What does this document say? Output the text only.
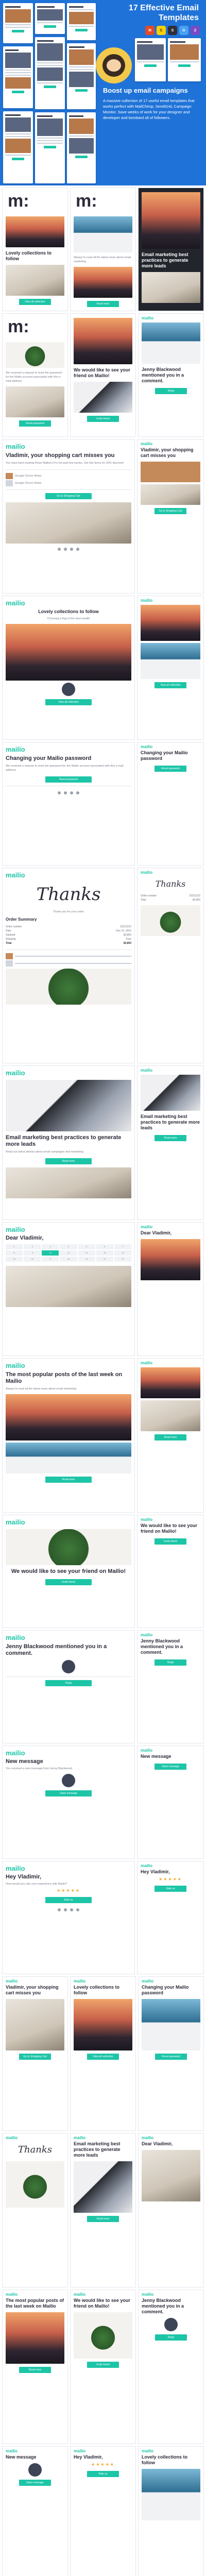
17 Effective Email Templates
M	C	S	G	Z
Boost up email campaigns

A massive collection of 17 useful email templates that works perfect with MailChimp, SendGrid, Campaign Monitor. Save weeks of work for your designer and developer and bombard all of followers.

m:
Lovely collections to follow
View all collection
m:
Always to read all the latest news about email marketing
Read more
Email marketing best practices to generate more leads
m:
We received a request to reset the password for the Mailio account associated with this e-mail address.
Reset password
We would like to see your friend on Mailio!
Invite friend
mailio
Jenny Blackwood mentioned you in a comment.
Reply
mailio
Vladimir, your shopping cart misses you
You have been looking these Walkers Pro for past few weeks. Get this items for 20% discount!
Google Chrom Notes
Google Chrom Notes
Go to Shopping Cart
mailio
Vladimir, your shopping cart misses you
Go to Shopping Cart
mailio
Lovely collections to follow
Choosing a flag of the best wealth
View all collection
mailio
View all collection
mailio
Changing your Mailio password
We received a request to reset the password for the Mailio account associated with this e-mail address.
Reset password
mailio
Changing your Mailio password
Reset password
mailio
Thanks
Thank you for your order
Order Summary
Order number	22211222
Date	Dec 22, 2016
Subtotal	$3,800
Shipping	Free
Total	$3,800
mailio
Thanks
Order number	22211222
Total	$3,800
mailio
Email marketing best practices to generate more leads
Read our latest articles about email campaigns and marketing.
Read more
mailio
Email marketing best practices to generate more leads
Read more
mailio
Dear Vladimir,
1	2	3	4	5	6	7
8	9	10	11	12	13	14
15	16	17	18	19	20	21
mailio
Dear Vladimir,
mailio
The most popular posts of the last week on Mailio
Always to read all the latest news about email marketing
Read more
mailio
Read more
mailio
We would like to see your friend on Mailio!
Invite friend
mailio
We would like to see your friend on Mailio!
Invite friend
mailio
Jenny Blackwood mentioned you in a comment.
Reply
mailio
Jenny Blackwood mentioned you in a comment.
Reply
mailio
New message
You received a new message from Jenny Blackwood.
Open message
mailio
New message
Open message
mailio
Hey Vladimir,
How would you rate your experience with Mailio?
★★★★★
Rate us
mailio
Hey Vladimir,
★★★★★
Rate us
mailio
Vladimir, your shopping cart misses you
Go to Shopping Cart
mailio
Lovely collections to follow
View all collection
mailio
Changing your Mailio password
Reset password
mailio
Thanks
mailio
Email marketing best practices to generate more leads
Read more
mailio
Dear Vladimir,
mailio
The most popular posts of the last week on Mailio
Read more
mailio
We would like to see your friend on Mailio!
Invite friend
mailio
Jenny Blackwood mentioned you in a comment.
Reply
mailio
New message
Open message
mailio
Hey Vladimir,
★★★★★
Rate us
mailio
Lovely collections to follow
